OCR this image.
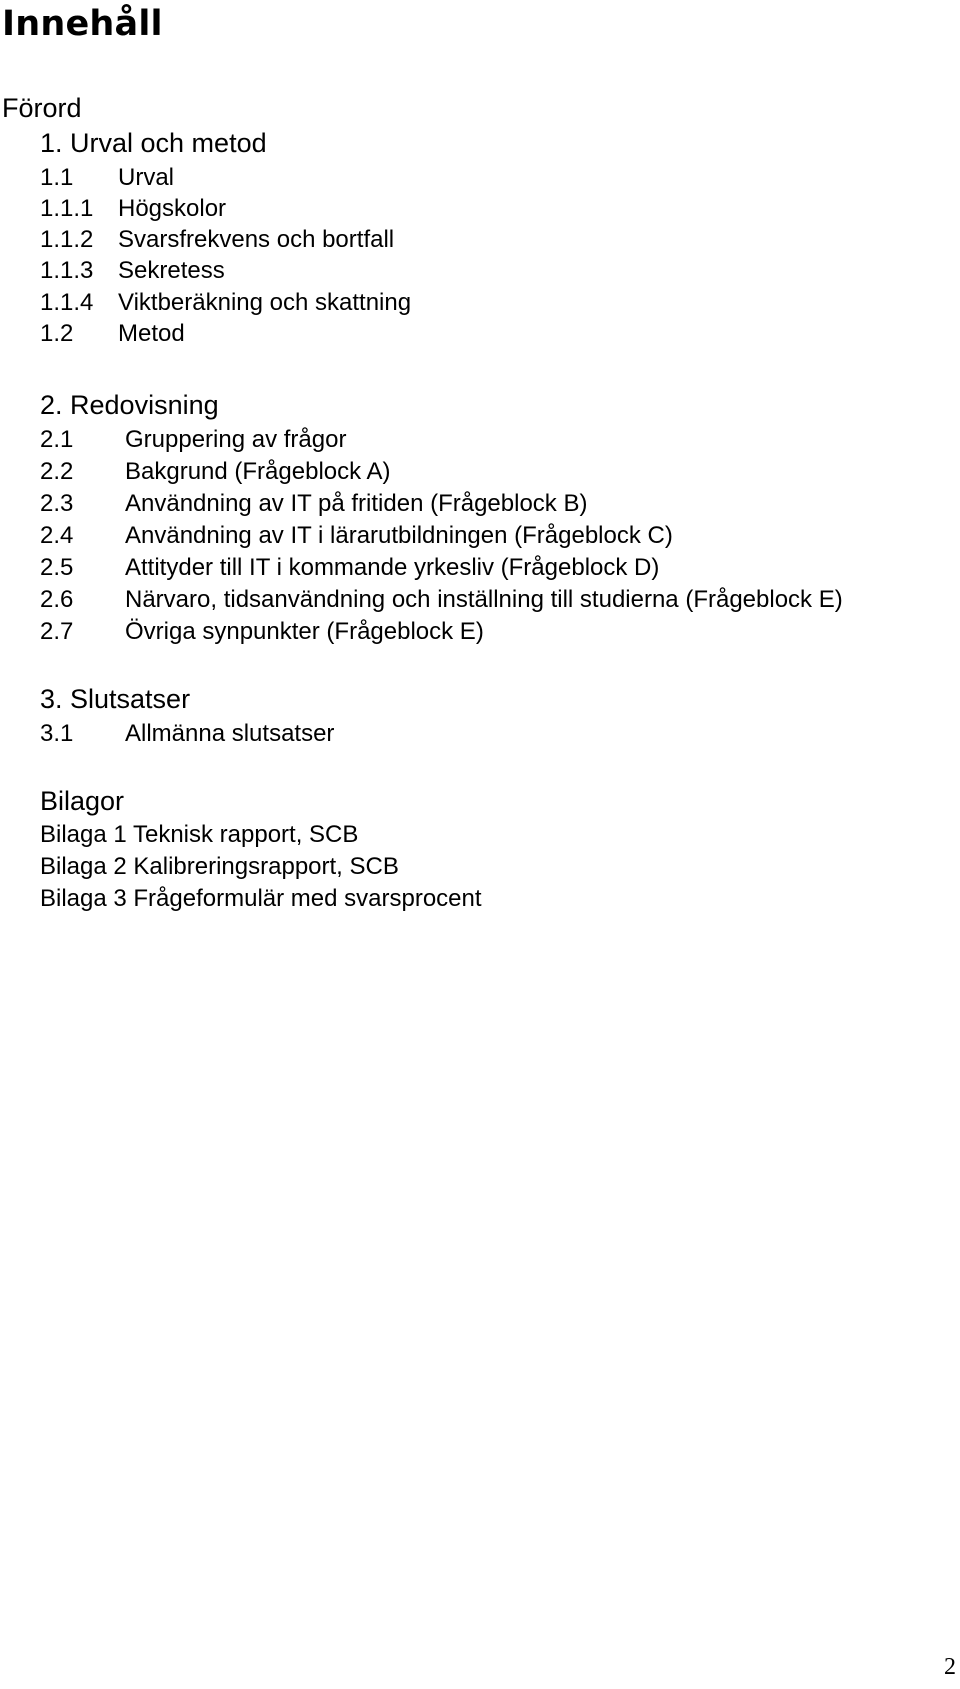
Innehåll
Förord
1. Urval och metod
1.1 Urval
1.1.1 Högskolor
1.1.2 Svarsfrekvens och bortfall
1.1.3 Sekretess
1.1.4 Viktberäkning och skattning
1.2 Metod
2. Redovisning
2.1 Gruppering av frågor
2.2 Bakgrund (Frågeblock A)
2.3 Användning av IT på fritiden (Frågeblock B)
2.4 Användning av IT i lärarutbildningen (Frågeblock C)
2.5 Attityder till IT i kommande yrkesliv (Frågeblock D)
2.6 Närvaro, tidsanvändning och inställning till studierna (Frågeblock E)
2.7 Övriga synpunkter (Frågeblock E)
3. Slutsatser
3.1 Allmänna slutsatser
Bilagor
Bilaga 1 Teknisk rapport, SCB
Bilaga 2 Kalibreringsrapport, SCB
Bilaga 3 Frågeformulär med svarsprocent
2
